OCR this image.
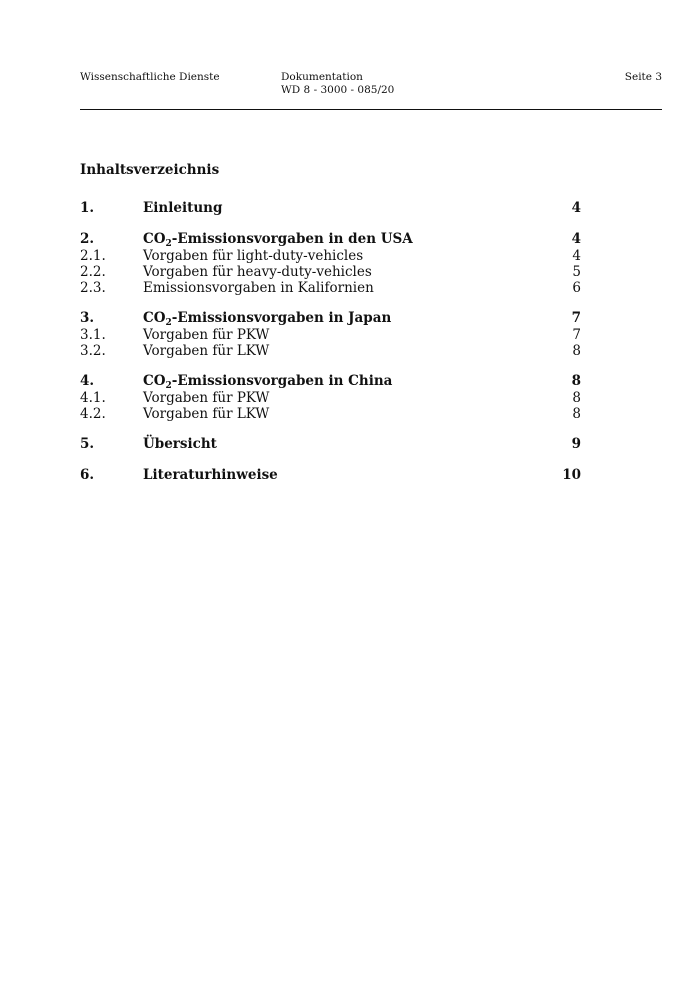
Wissenschaftliche Dienste	Dokumentation
WD 8 - 3000 - 085/20
Seite 3
Inhaltsverzeichnis
1.	Einleitung	4
2.	$CO_2$-Emissionsvorgaben in den USA	4
2.1.	Vorgaben für light-duty-vehicles	4
2.2.	Vorgaben für heavy-duty-vehicles	5
2.3.	Emissionsvorgaben in Kalifornien	6
3.	$CO_2$-Emissionsvorgaben in Japan	7
3.1.	Vorgaben für PKW	7
3.2.	Vorgaben für LKW	8
4.	$CO_2$-Emissionsvorgaben in China	8
4.1.	Vorgaben für PKW	8
4.2.	Vorgaben für LKW	8
5.	Übersicht	9
6.	Literaturhinweise	10
